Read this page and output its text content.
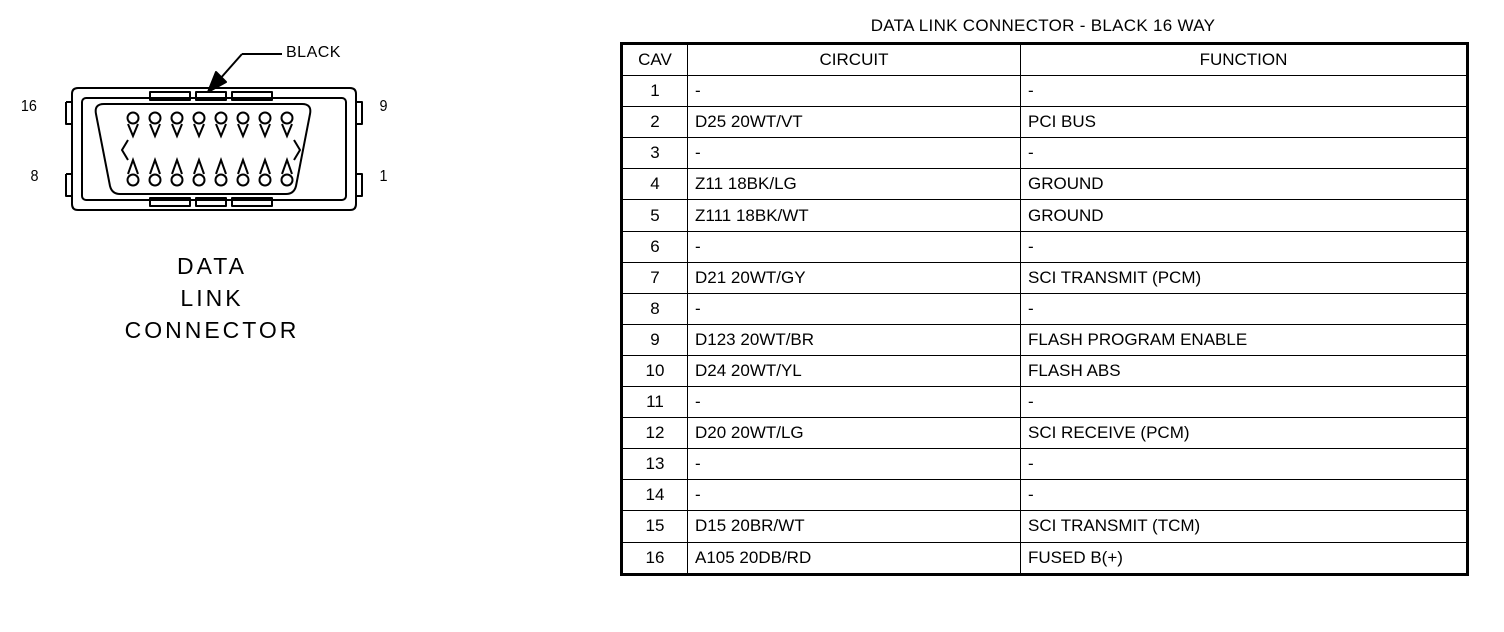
BLACK
16	9
8	1
DATA
LINK
CONNECTOR
DATA LINK CONNECTOR - BLACK 16 WAY
CAV	CIRCUIT	FUNCTION
1	-	-
2	D25 20WT/VT	PCI BUS
3	-	-
4	Z11 18BK/LG	GROUND
5	Z111 18BK/WT	GROUND
6	-	-
7	D21 20WT/GY	SCI TRANSMIT (PCM)
8	-	-
9	D123 20WT/BR	FLASH PROGRAM ENABLE
10	D24 20WT/YL	FLASH ABS
11	-	-
12	D20 20WT/LG	SCI RECEIVE (PCM)
13	-	-
14	-	-
15	D15 20BR/WT	SCI TRANSMIT (TCM)
16	A105 20DB/RD	FUSED B(+)
